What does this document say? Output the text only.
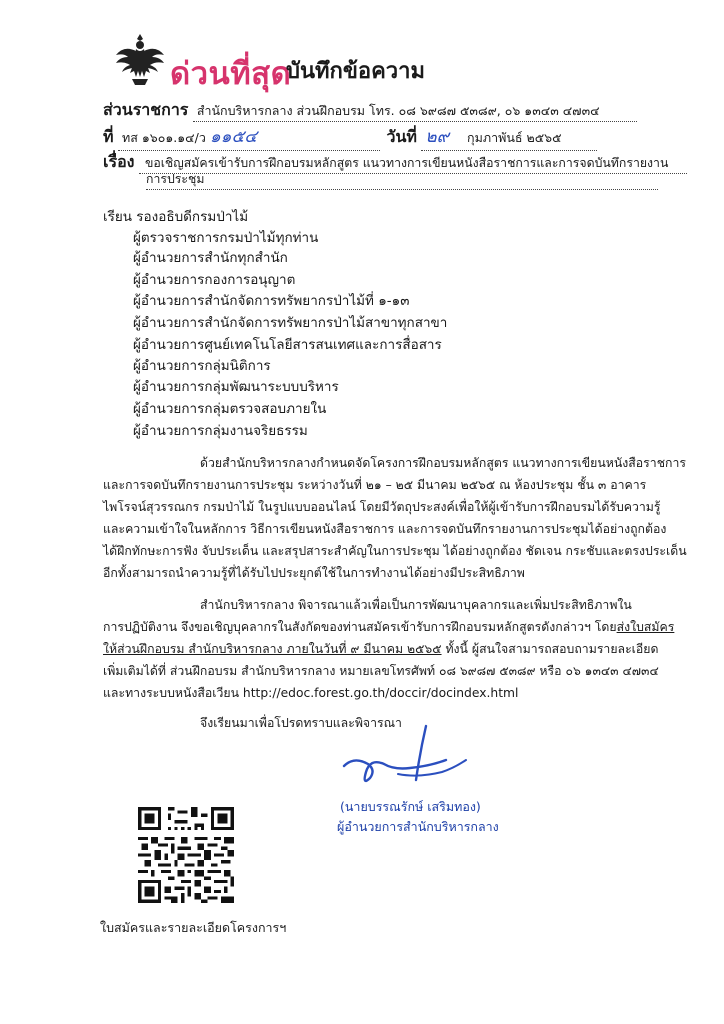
ด่วนที่สุด
บันทึกข้อความ
ส่วนราชการ สำนักบริหารกลาง ส่วนฝึกอบรม โทร. ๐๘ ๖๙๘๗ ๕๓๘๙, ๐๖ ๑๓๔๓ ๔๗๓๔
ที่ ทส ๑๖๐๑.๑๔/ว ๑๑๕๔	วันที่ ๒๙ กุมภาพันธ์ ๒๕๖๕
เรื่อง ขอเชิญสมัครเข้ารับการฝึกอบรมหลักสูตร แนวทางการเขียนหนังสือราชการและการจดบันทึกรายงาน
การประชุม
เรียน รองอธิบดีกรมป่าไม้
ผู้ตรวจราชการกรมป่าไม้ทุกท่าน
ผู้อำนวยการสำนักทุกสำนัก
ผู้อำนวยการกองการอนุญาต
ผู้อำนวยการสำนักจัดการทรัพยากรป่าไม้ที่ ๑-๑๓
ผู้อำนวยการสำนักจัดการทรัพยากรป่าไม้สาขาทุกสาขา
ผู้อำนวยการศูนย์เทคโนโลยีสารสนเทศและการสื่อสาร
ผู้อำนวยการกลุ่มนิติการ
ผู้อำนวยการกลุ่มพัฒนาระบบบริหาร
ผู้อำนวยการกลุ่มตรวจสอบภายใน
ผู้อำนวยการกลุ่มงานจริยธรรม
ด้วยสำนักบริหารกลางกำหนดจัดโครงการฝึกอบรมหลักสูตร แนวทางการเขียนหนังสือราชการ
และการจดบันทึกรายงานการประชุม ระหว่างวันที่ ๒๑ – ๒๕ มีนาคม ๒๕๖๕ ณ ห้องประชุม ชั้น ๓ อาคาร
ไพโรจน์สุวรรณกร กรมป่าไม้ ในรูปแบบออนไลน์ โดยมีวัตถุประสงค์เพื่อให้ผู้เข้ารับการฝึกอบรมได้รับความรู้
และความเข้าใจในหลักการ วิธีการเขียนหนังสือราชการ และการจดบันทึกรายงานการประชุมได้อย่างถูกต้อง
ได้ฝึกทักษะการฟัง จับประเด็น และสรุปสาระสำคัญในการประชุม ได้อย่างถูกต้อง ชัดเจน กระชับและตรงประเด็น
อีกทั้งสามารถนำความรู้ที่ได้รับไปประยุกต์ใช้ในการทำงานได้อย่างมีประสิทธิภาพ
สำนักบริหารกลาง พิจารณาแล้วเพื่อเป็นการพัฒนาบุคลากรและเพิ่มประสิทธิภาพใน
การปฏิบัติงาน จึงขอเชิญบุคลากรในสังกัดของท่านสมัครเข้ารับการฝึกอบรมหลักสูตรดังกล่าวฯ โดยส่งใบสมัคร
ให้ส่วนฝึกอบรม สำนักบริหารกลาง ภายในวันที่ ๙ มีนาคม ๒๕๖๕ ทั้งนี้ ผู้สนใจสามารถสอบถามรายละเอียด
เพิ่มเติมได้ที่ ส่วนฝึกอบรม สำนักบริหารกลาง หมายเลขโทรศัพท์ ๐๘ ๖๙๘๗ ๕๓๘๙ หรือ ๐๖ ๑๓๔๓ ๔๗๓๔
และทางระบบหนังสือเวียน http://edoc.forest.go.th/doccir/docindex.html
จึงเรียนมาเพื่อโปรดทราบและพิจารณา
(นายบรรณรักษ์ เสริมทอง)
ผู้อำนวยการสำนักบริหารกลาง
ใบสมัครและรายละเอียดโครงการฯ
